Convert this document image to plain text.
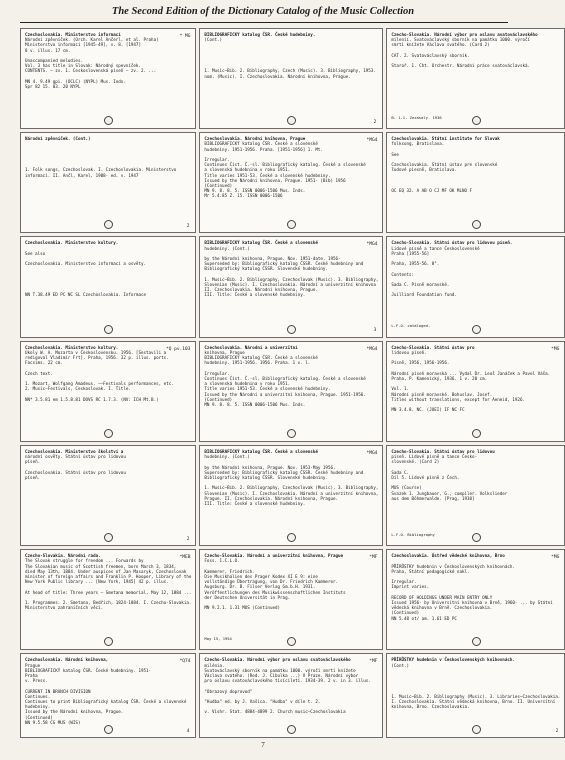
The Second Edition of the Dictionary Catalog of the Music Collection
* MG
Czechoslovakia. Ministerstvo informací
Národní zpěvníček. (Orch. Karel Ančerl, et al. Praha)
Ministerstvo informací [1945-49], v. 8. [1947]
8 v. illus. 17 cm.

Unaccompanied melodies.
Vol. 3 has title in Slovak: Národný spevníček.
CONTENTS. — zv. 1. Ceskoslovenská píseň — zv. 2. ...

MN 4. 9.49 gpi. (OCLC) (NYPL) Mus. Indx.
Spr 82 15. 03. 20 NYPL
BIBLIOGRAFICKÝ katalog ČSR. České hudebniny.
(Cont.)

1. Music—Bib. 2. Bibliography, Czech (Music). 3. Bibliography, 1953.
nom. (Music). I. Czechoslovakia. Národní knihovna, Prague.
2
Czecho-Slovakia. Národní výbor pro oslavu avatováclavského
mileníí. Svatováclavský sborník na památku 1000. výročí
smrti knížete Václava svatého. (Card 2)

CAT. 2. Svatováclavský sborník.

Staroř. 1. Cht. Orchestr. Národní práce svatováclavská.
B. 1.1. Zezasaly. 1936
Národní zpěvníček. (Cont.)

1. Folk songs, Czechoslovak. I. Czechoslovakia. Ministerstvo
informací. II. Ančl, Karel, 1908- ed. v. 1947
2
*MG4
Czechoslovakia. Národní knihovna, Prague
BIBLIOGRAFICKÝ katalog ČSR. České a slovenské
hudebniny. 1951-1956. Praha. [1951-1956] 1. Mt.

Irregular.
Continues Číst. Č.-sl. Bibliografický katalog. České a slovenské
a slovenská hudebnina v roku 1951.
Title varies 1951-53. České a slovenské hudebniny.
Issued by the Národní knihovna, Prague. 1951- (Bib) 1956
(Continued)
MN 9. 8. 8. 5. ISSN 0006-1506 Mus. Inds.
Mr 5.4.85 Z. 15. ISSN 0006-1506
Czechoslovakia. Státní institute for Slovak
folksong, Bratislava.

See

Czechoslovakia. Státní ústav pre slovenské
ľudové piesně, Bratislava.

OC EQ 32. A AB O CJ MF OK MLNO F
Czechoslovakia. Ministerstvo kultury.

See also

Czechoslovakia. Ministerstvo informací a osvěty.

NN T.38.49 ED PC NC SL Czechoslovakia. Informace
*MG4
BIBLIOGRAFICKÝ katalog ČSR. České a slovenské
hudebniny. (Cont.)

by the Národní knihovna, Prague. Nov. 1951-date. 1956-
Superseded by: Bibliografický katalog ČSSR. České hudebniny and
Bibliografický katalog ČSSR. Slovenské hudebniny.

1. Music—Bib. 2. Bibliography, Czechoslovak (Music). 3. Bibliography,
Slovenian (Music). I. Czechoslovakia. Národní a univerzitní knihovna
II. Czechoslovakia. Národní knihovna, Prague.
III. Title: České a slovenské hudebniny.
3
Czecho-Slovakia. Státní ústav pro lidovou píseň.
Lidové písně a tance Československé
Praha [1955-56]

Praha, 1955-56. 8°.

Contents:

Sada C. Písně moravské.

Juilliard Foundation fund.
L.F.O. cataloged.
*Q pv.103
Czechoslovakia. Ministerstvo kultury.
Úkoly W. A. Mozarta v Československu. 1956. [Sestavili a
redigoval Vladimír Frt]. Praha, 1956. 32 p. illus. ports.
Facsims. 22 cm.

Czech text.

1. Mozart, Wolfgang Amadeus. ——Festivals performances, etc.
2. Music—Festivals, Ceskoslovak. I. Title.

NN* 3.5.81 em 1.5.8.81 DOVS RC 1.7.3. (NV: ICH Mt.B.)
*MG4
Czechoslovakia. Národní a univerzitní
knihovna, Prague
BIBLIOGRAFICKÝ katalog ČSR. České a slovenské
hudebniny. 1951-1956. 1956. Praha. 1 v. l.

Irregular.
Continues Číst. Č.-sl. Bibliografický katalog. České a slovenské
a slovenská hudebnina v roku 1951.
Title varies 1951-53. České a slovenské hudebniny.
Issued by the Národní a univerzitní knihovna, Prague. 1951-1956.
(Continued)
MN 9. 8. 8. 5. ISSN 0006-1506 Mus. Inds.
*MG
Czecho-Slovakia. Státní ústav pro
lidovou píseň.

Písně, 1956, 1956-1956.

Národní píseň moravská ... Vydal Dr. Leoš Janáček a Pavel Váša.
Praha, P. Kamenický, 1936. 1 v. 20 cm.

Vol. 1.
Národní písně moravské. Bohuslav. Josef.
Titles without translations, except for Aeneid, 1926.

MN 3.4.8. NC. (JOEI) IF NC FC
Czechoslovakia. Ministerstvo školství a
národní osvěty. Státní ústav pro lidovou
píseň.

Czechoslovakia. Státní ústav pro lidovou
píseň.
2
*MG4
BIBLIOGRAFICKÝ katalog ČSR. České a slovenské
hudebniny. (Cont.)

by the Národní knihovna, Prague. Nov. 1953-May 1956.
Superseded by: Bibliografický katalog ČSSR. České hudebniny and
Bibliografický katalog ČSSR. Slovenské hudebniny.

1. Music—Bib. 2. Bibliography, Czechoslovak (Music). 3. Bibliography,
Slovenian (Music). I. Czechoslovakia. Národní a univerzitní knihovna,
Prague. II. Czechoslovakia. Národní knihovna, Prague.
III. Title: České a slovenské hudebniny.
Czecho-Slovakia. Státní ústav pro lidovou
píseň. Lidové písně a tance Česko-
slovenské. (Card 2)

Sada C.
Díl 5. Lidové písně z Čech.

MUS (Course)
Svazek 1. Jungbauer, G., compiler. Volkslieder
aus dem Böhmerwalde. [Prag, 1930]
L.F.O. Bibliography
*MEB
Czecho-Slovakia. Národní rada.
The Slovak struggle for freedom ... Forwards by
The Slovakian music of Scottish freemen, born March 3, 1834,
died May 13th, 1884. Under auspices of Jan Masaryk, Czechoslovak
minister of foreign affairs and Franklin P. Hooper, Library of the
New York Public library ... [New York, 1945] 42 p. illus.

At head of title: Three years — Smetana memorial, May 12, 1884 ...

1. Programmes. 2. Smetana, Bedřich, 1824-1884. I. Czecho-Slovakia.
Ministerstvo zahraničních věcí.
*MF
Czecho-Slovakia. Národní a univerzitní knihovna, Prague
Foss. 1.C.L.O.

Kammerer, Friedrich.
Die Musikhalien des Prager Kodex XI E 9: eine
vollständige Übertragung, von Dr. Friedrich Kammerer.
Augsburg. Dr. B. Filser Verlag Gm.b.H. 1931.
Veröffentlichungen des Musikwissenschaftlichen Instituts
der Deutschen Universität in Prag.

MN 9.2.1. 1.31 MUS (Continued)
May 15, 1954
*MG
Czechoslovakia. Ústřed vědecké knihovna, Brno

PŘÍRŮSTKY hudebnin v Československých knihovnách.
Praha, Státní pedagogické nakl.

Irregular.
Imprint varies.

RECORD OF HOLDINGS UNDER MAIN ENTRY ONLY
Issued 1956- by Universitní knihovna v Brně, 1960- ... by Státní
vědecká knihovna v Brně. Czechoslovakia.
(Continued)
NN 5.48 ot/ am. 1.61 ED PC
*Q74
Czechoslovakia. Národní knihovna,
Prague
BIBLIOGRAFICKÝ katalog ČSR. České hudebniny. 1951-
Praha
v. Press.

CURRENT IN BRANCH DIVISION
Continues.
Continues to print Bibliografický katalog ČSR. České a slovenské
hudebniny.
Issued by the Národní knihovna, Prague.
(Continued)
NN 9.5.58 CG MUS (WIS)
4
*MF
Czecho-Slovakia. Národní výbor pro oslavu svatováclavského
milénia.
Svatováclavský sborník na památku 1000. výročí smrti knížete
Václava svatého. (Red. J. Cibulka ...) V Praze. Národní výbor
pro oslavu svatováclavského tisíciletí. 1934-39. 2 v. in 3. illus.

"Obrazový doprovod"

"Hudba" ed. by J. Vašica. "Hudba" v díle t. 2.

v. Vishr. Stat. 4884-4899 2. Church music—Czechoslovakia
PŘÍRŮSTKY hudebnin v Československých knihovnách.
(Cont.)

1. Music—Bib. 2. Bibliography (Music). 3. Libraries—Czechoslovakia.
I. Czechoslovakia. Státní vědecká knihovna, Brno. II. Universitní
knihovna, Brno. Czechoslovakia.
2
7
